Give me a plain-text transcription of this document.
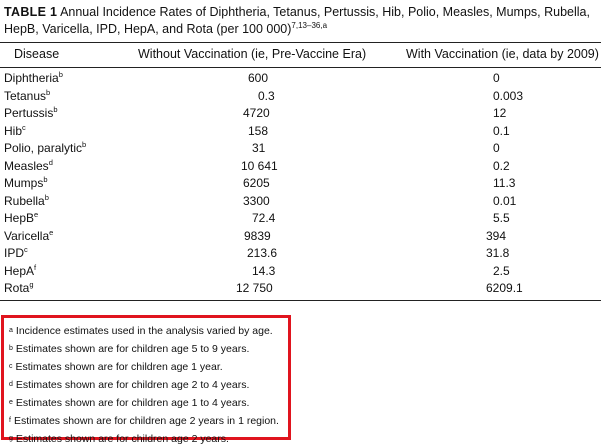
TABLE 1 Annual Incidence Rates of Diphtheria, Tetanus, Pertussis, Hib, Polio, Measles, Mumps, Rubella, HepB, Varicella, IPD, HepA, and Rota (per 100 000)$^{7,13-36,a}$
Disease	Without Vaccination (ie, Pre-Vaccine Era)	With Vaccination (ie, data by 2009)
Diphtheria$^b$	600	0
Tetanus$^b$	0.3	0.003
Pertussis$^b$	4720	12
Hib$^c$	158	0.1
Polio, paralytic$^b$	31	0
Measles$^d$	10 641	0.2
Mumps$^b$	6205	11.3
Rubella$^b$	3300	0.01
HepB$^e$	72.4	5.5
Varicella$^e$	9839	394
IPD$^c$	213.6	31.8
HepA$^f$	14.3	2.5
Rota$^g$	12 750	6209.1
a Incidence estimates used in the analysis varied by age.
b Estimates shown are for children age 5 to 9 years.
c Estimates shown are for children age 1 year.
d Estimates shown are for children age 2 to 4 years.
e Estimates shown are for children age 1 to 4 years.
f Estimates shown are for children age 2 years in 1 region.
g Estimates shown are for children age 2 years.
